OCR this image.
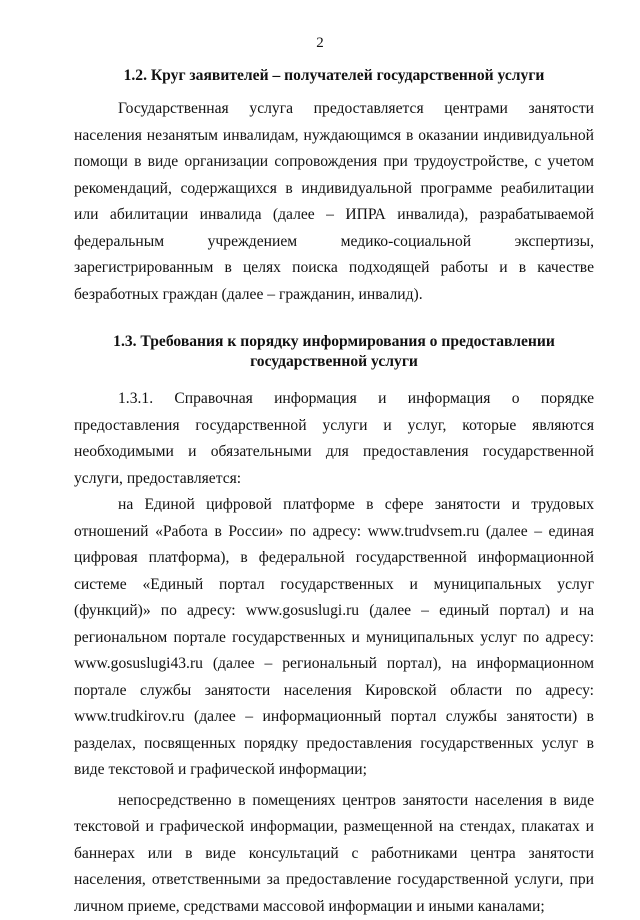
2

1.2. Круг заявителей – получателей государственной услуги

Государственная услуга предоставляется центрами занятости населения незанятым инвалидам, нуждающимся в оказании индивидуальной помощи в виде организации сопровождения при трудоустройстве, с учетом рекомендаций, содержащихся в индивидуальной программе реабилитации или абилитации инвалида (далее – ИПРА инвалида), разрабатываемой федеральным учреждением медико-социальной экспертизы, зарегистрированным в целях поиска подходящей работы и в качестве безработных граждан (далее – гражданин, инвалид).

1.3. Требования к порядку информирования о предоставлении
государственной услуги

1.3.1. Справочная информация и информация о порядке предоставления государственной услуги и услуг, которые являются необходимыми и обязательными для предоставления государственной услуги, предоставляется:

на Единой цифровой платформе в сфере занятости и трудовых отношений «Работа в России» по адресу: www.trudvsem.ru (далее – единая цифровая платформа), в федеральной государственной информационной системе «Единый портал государственных и муниципальных услуг (функций)» по адресу: www.gosuslugi.ru (далее – единый портал) и на региональном портале государственных и муниципальных услуг по адресу: www.gosuslugi43.ru (далее – региональный портал), на информационном портале службы занятости населения Кировской области по адресу: www.trudkirov.ru (далее – информационный портал службы занятости) в разделах, посвященных порядку предоставления государственных услуг в виде текстовой и графической информации;

непосредственно в помещениях центров занятости населения в виде текстовой и графической информации, размещенной на стендах, плакатах и баннерах или в виде консультаций с работниками центра занятости населения, ответственными за предоставление государственной услуги, при личном приеме, средствами массовой информации и иными каналами;
